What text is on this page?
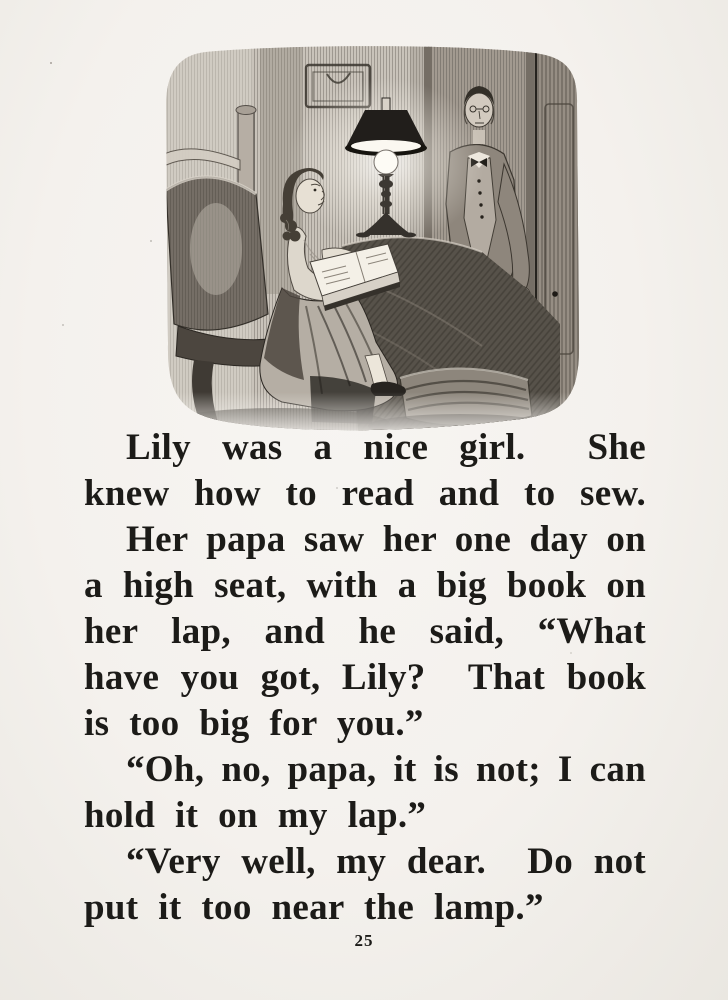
Lily was a nice girl.  She

knew how to read and to sew.

Her papa saw her one day on

a high seat, with a big book on

her lap, and he said, “What

have you got, Lily?  That book

is too big for you.”

“Oh, no, papa, it is not; I can

hold it on my lap.”

“Very well, my dear.  Do not

put it too near the lamp.”

25
